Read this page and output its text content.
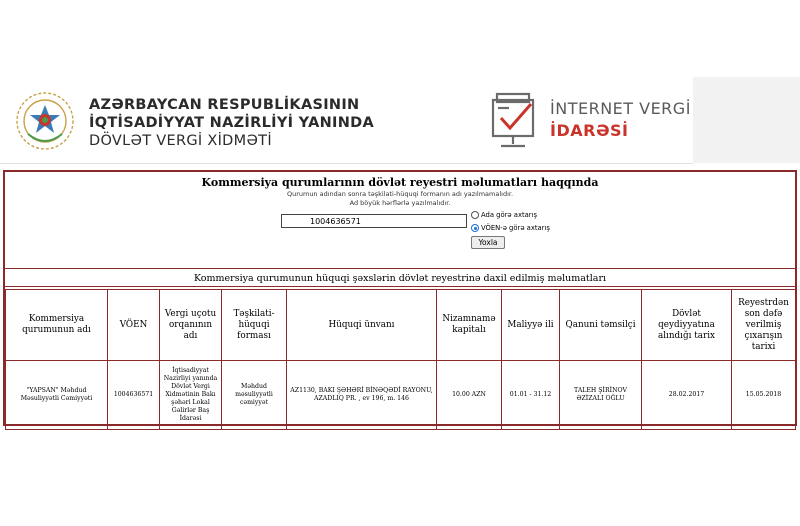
AZƏRBAYCAN RESPUBLİKASININ
İQTİSADİYYAT NAZİRLİYİ YANINDA
DÖVLƏT VERGİ XİDMƏTİ
İNTERNET VERGİ
İDARƏSİ
Kommersiya qurumlarının dövlət reyestri məlumatları haqqında
Qurumun adından sonra təşkilati-hüquqi formanın adı yazılmamalıdır.
Ad böyük hərflərlə yazılmalıdır.
1004636571
Ada görə axtarış
VÖEN-ə görə axtarış
Yoxla
Kommersiya qurumunun hüquqi şəxslərin dövlət reyestrinə daxil edilmiş məlumatları
Kommersiya qurumunun adı	VÖEN	Vergi uçotu orqanının adı	Təşkilati-hüquqi forması	Hüquqi ünvanı	Nizamnamə kapitalı	Maliyyə ili	Qanuni təmsilçi	Dövlət qeydiyyatına alındığı tarix	Reyestrdən son dəfə verilmiş çıxarışın tarixi
"YAPSAN" Məhdud Məsuliyyətli Cəmiyyəti	1004636571	İqtisadiyyat Nazirliyi yanında Dövlət Vergi Xidmətinin Bakı şəhəri Lokal Gəlirlər Baş İdarəsi	Məhdud məsuliyyətli cəmiyyət	AZ1130, BAKI ŞƏHƏRİ BİNƏQƏDİ RAYONU, AZADLIQ PR. , ev 196, m. 146	10.00 AZN	01.01 - 31.12	TALEH ŞİRİNOV ƏZİZALI OĞLU	28.02.2017	15.05.2018
